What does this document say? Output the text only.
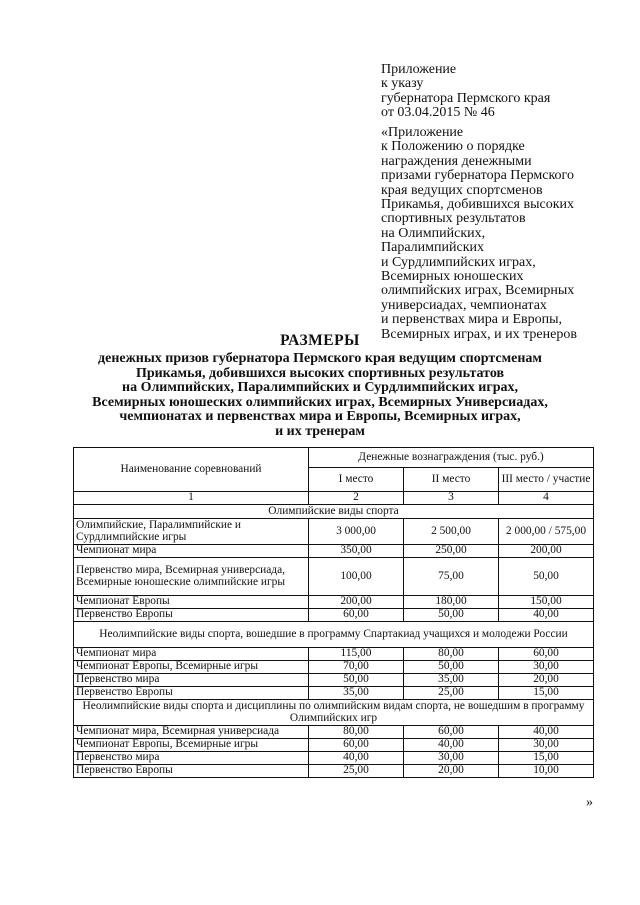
Приложение
к указу
губернатора Пермского края
от 03.04.2015 № 46
«Приложение
к Положению о порядке
награждения денежными
призами губернатора Пермского
края ведущих спортсменов
Прикамья, добившихся высоких
спортивных результатов
на Олимпийских,
Паралимпийских
и Сурдлимпийских играх,
Всемирных юношеских
олимпийских играх, Всемирных
универсиадах, чемпионатах
и первенствах мира и Европы,
Всемирных играх, и их тренеров
РАЗМЕРЫ
денежных призов губернатора Пермского края ведущим спортсменам
Прикамья, добившихся высоких спортивных результатов
на Олимпийских, Паралимпийских и Сурдлимпийских играх,
Всемирных юношеских олимпийских играх, Всемирных Универсиадах,
чемпионатах и первенствах мира и Европы, Всемирных играх,
и их тренерам
Наименование соревнований	Денежные вознаграждения (тыс. руб.)		
	I место	II место	III место / участие
1	2	3	4
Олимпийские виды спорта			
Олимпийские, Паралимпийские и Сурдлимпийские игры	3 000,00	2 500,00	2 000,00 / 575,00
Чемпионат мира	350,00	250,00	200,00
Первенство мира, Всемирная универсиада, Всемирные юношеские олимпийские игры	100,00	75,00	50,00
Чемпионат Европы	200,00	180,00	150,00
Первенство Европы	60,00	50,00	40,00
Неолимпийские виды спорта, вошедшие в программу Спартакиад учащихся и молодежи России			
Чемпионат мира	115,00	80,00	60,00
Чемпионат Европы, Всемирные игры	70,00	50,00	30,00
Первенство мира	50,00	35,00	20,00
Первенство Европы	35,00	25,00	15,00
Неолимпийские виды спорта и дисциплины по олимпийским видам спорта, не вошедшим в программу Олимпийских игр			
Чемпионат мира, Всемирная универсиада	80,00	60,00	40,00
Чемпионат Европы, Всемирные игры	60,00	40,00	30,00
Первенство мира	40,00	30,00	15,00
Первенство Европы	25,00	20,00	10,00
»
